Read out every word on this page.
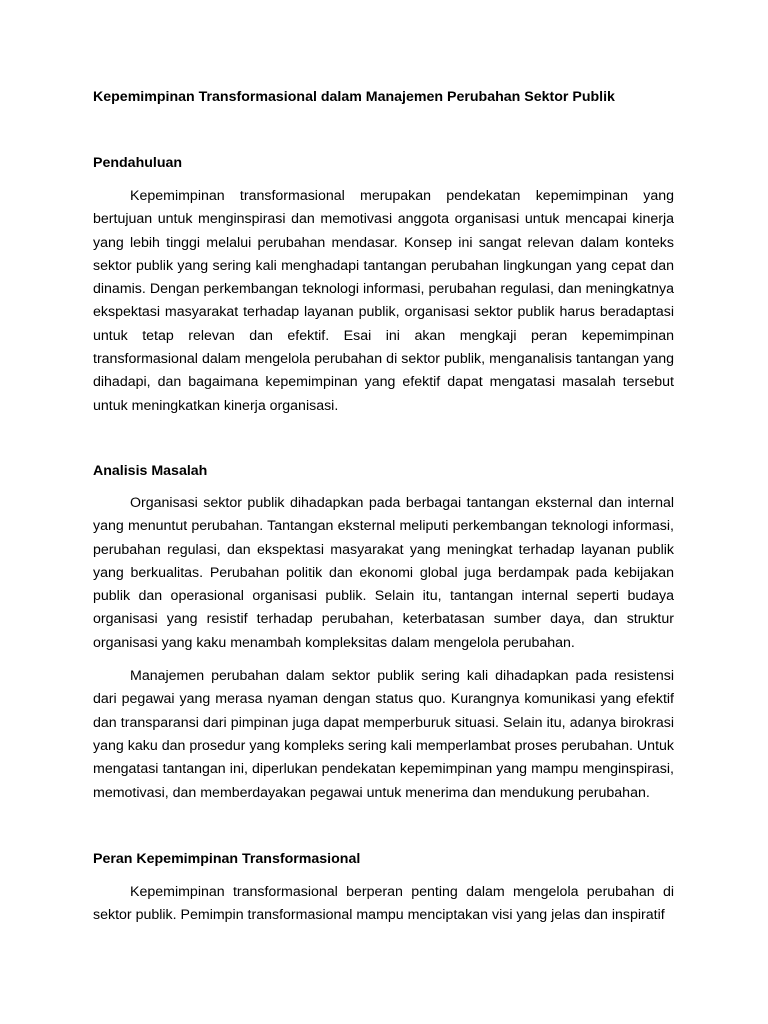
Kepemimpinan Transformasional dalam Manajemen Perubahan Sektor Publik

Pendahuluan

Kepemimpinan transformasional merupakan pendekatan kepemimpinan yang bertujuan untuk menginspirasi dan memotivasi anggota organisasi untuk mencapai kinerja yang lebih tinggi melalui perubahan mendasar. Konsep ini sangat relevan dalam konteks sektor publik yang sering kali menghadapi tantangan perubahan lingkungan yang cepat dan dinamis. Dengan perkembangan teknologi informasi, perubahan regulasi, dan meningkatnya ekspektasi masyarakat terhadap layanan publik, organisasi sektor publik harus beradaptasi untuk tetap relevan dan efektif. Esai ini akan mengkaji peran kepemimpinan transformasional dalam mengelola perubahan di sektor publik, menganalisis tantangan yang dihadapi, dan bagaimana kepemimpinan yang efektif dapat mengatasi masalah tersebut untuk meningkatkan kinerja organisasi.

Analisis Masalah

Organisasi sektor publik dihadapkan pada berbagai tantangan eksternal dan internal yang menuntut perubahan. Tantangan eksternal meliputi perkembangan teknologi informasi, perubahan regulasi, dan ekspektasi masyarakat yang meningkat terhadap layanan publik yang berkualitas. Perubahan politik dan ekonomi global juga berdampak pada kebijakan publik dan operasional organisasi publik. Selain itu, tantangan internal seperti budaya organisasi yang resistif terhadap perubahan, keterbatasan sumber daya, dan struktur organisasi yang kaku menambah kompleksitas dalam mengelola perubahan.

Manajemen perubahan dalam sektor publik sering kali dihadapkan pada resistensi dari pegawai yang merasa nyaman dengan status quo. Kurangnya komunikasi yang efektif dan transparansi dari pimpinan juga dapat memperburuk situasi. Selain itu, adanya birokrasi yang kaku dan prosedur yang kompleks sering kali memperlambat proses perubahan. Untuk mengatasi tantangan ini, diperlukan pendekatan kepemimpinan yang mampu menginspirasi, memotivasi, dan memberdayakan pegawai untuk menerima dan mendukung perubahan.

Peran Kepemimpinan Transformasional

Kepemimpinan transformasional berperan penting dalam mengelola perubahan di sektor publik. Pemimpin transformasional mampu menciptakan visi yang jelas dan inspiratif
